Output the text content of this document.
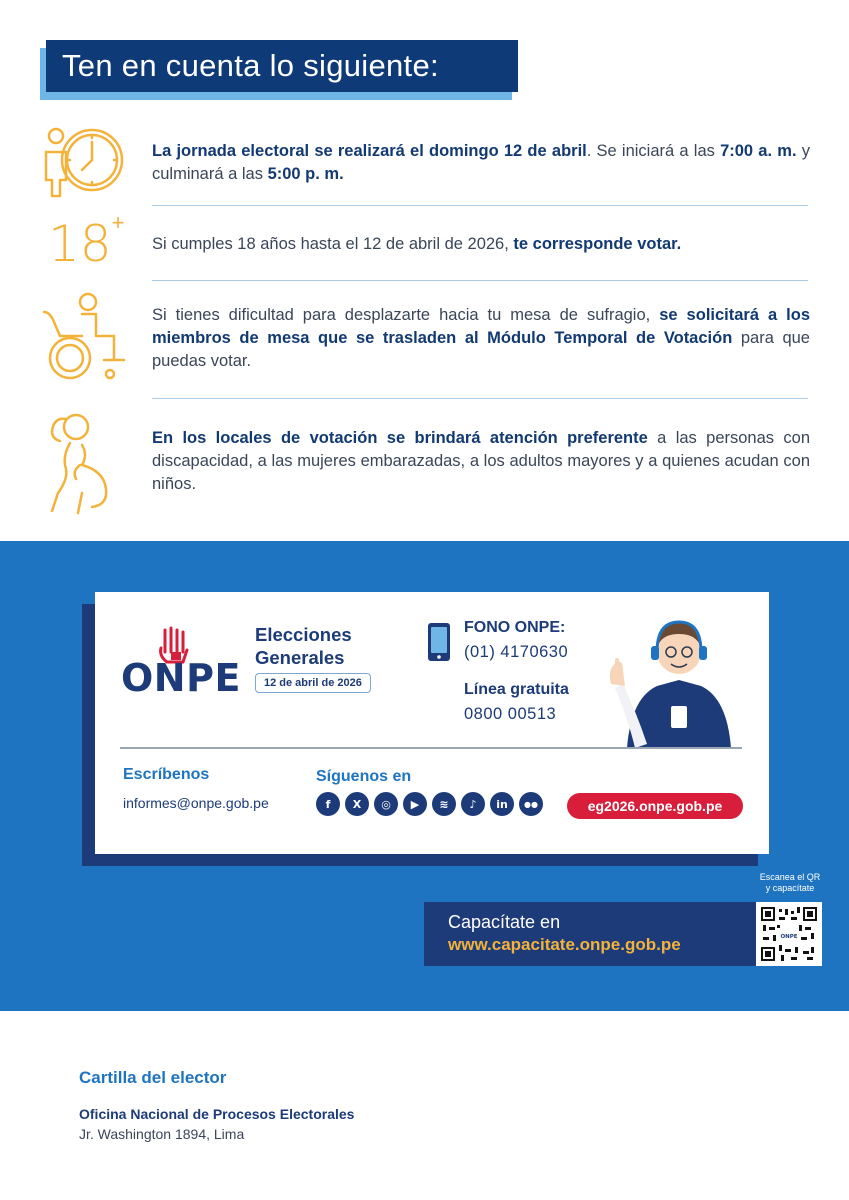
Ten en cuenta lo siguiente:
La jornada electoral se realizará el domingo 12 de abril. Se iniciará a las 7:00 a. m. y culminará a las 5:00 p. m.
18+
Si cumples 18 años hasta el 12 de abril de 2026, te corresponde votar.
Si tienes dificultad para desplazarte hacia tu mesa de sufragio, se solicitará a los miembros de mesa que se trasladen al Módulo Temporal de Votación para que puedas votar.
En los locales de votación se brindará atención preferente a las personas con discapacidad, a las mujeres embarazadas, a los adultos mayores y a quienes acudan con niños.
ONPE
Elecciones
Generales
12 de abril de 2026
FONO ONPE:
(01) 4170630
Línea gratuita
0800 00513
Escríbenos
informes@onpe.gob.pe
Síguenos en
f	X	◎	▶	≋	♪	in	●●	eg2026.onpe.gob.pe
Escanea el QR
y capacítate
Capacítate en
www.capacitate.onpe.gob.pe	ONPE
Cartilla del elector
Oficina Nacional de Procesos Electorales
Jr. Washington 1894, Lima
